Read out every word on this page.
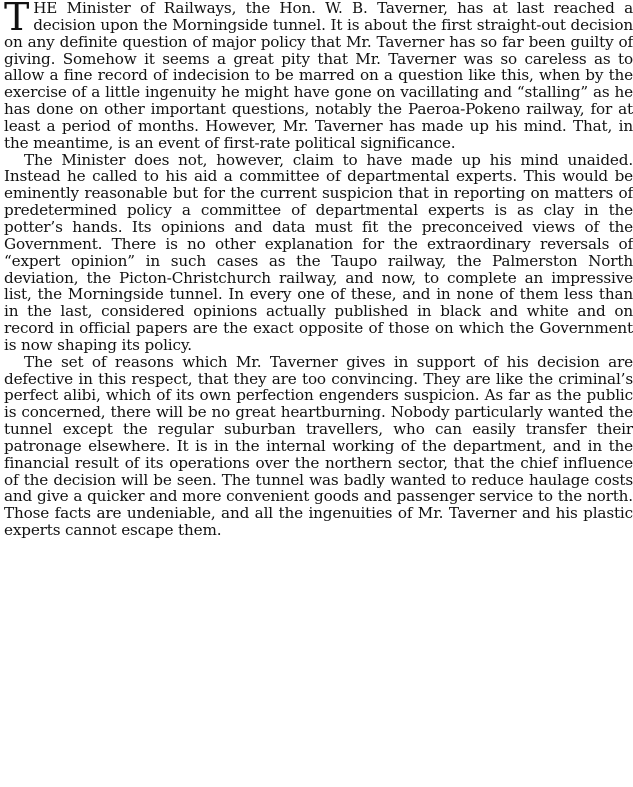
THE Minister of Railways, the Hon. W. B. Taverner, has at last reached a decision upon the Morningside tunnel. It is about the first straight-out decision on any definite question of major policy that Mr. Taverner has so far been guilty of giving. Somehow it seems a great pity that Mr. Taverner was so careless as to allow a fine record of indecision to be marred on a question like this, when by the exercise of a little ingenuity he might have gone on vacillating and “stalling” as he has done on other important questions, notably the Paeroa-Pokeno railway, for at least a period of months. However, Mr. Taverner has made up his mind. That, in the meantime, is an event of first-rate political significance.

The Minister does not, however, claim to have made up his mind unaided. Instead he called to his aid a committee of departmental experts. This would be eminently reasonable but for the current suspicion that in reporting on matters of predetermined policy a committee of departmental experts is as clay in the potter’s hands. Its opinions and data must fit the preconceived views of the Government. There is no other explanation for the extraordinary reversals of “expert opinion” in such cases as the Taupo railway, the Palmerston North deviation, the Picton-Christchurch railway, and now, to complete an impressive list, the Morningside tunnel. In every one of these, and in none of them less than in the last, considered opinions actually published in black and white and on record in official papers are the exact opposite of those on which the Government is now shaping its policy.

The set of reasons which Mr. Taverner gives in support of his decision are defective in this respect, that they are too convincing. They are like the criminal’s perfect alibi, which of its own perfection engenders suspicion. As far as the public is concerned, there will be no great heartburning. Nobody particularly wanted the tunnel except the regular suburban travellers, who can easily transfer their patronage elsewhere. It is in the internal working of the department, and in the financial result of its operations over the northern sector, that the chief influence of the decision will be seen. The tunnel was badly wanted to reduce haulage costs and give a quicker and more convenient goods and passenger service to the north. Those facts are undeniable, and all the ingenuities of Mr. Taverner and his plastic experts cannot escape them.
